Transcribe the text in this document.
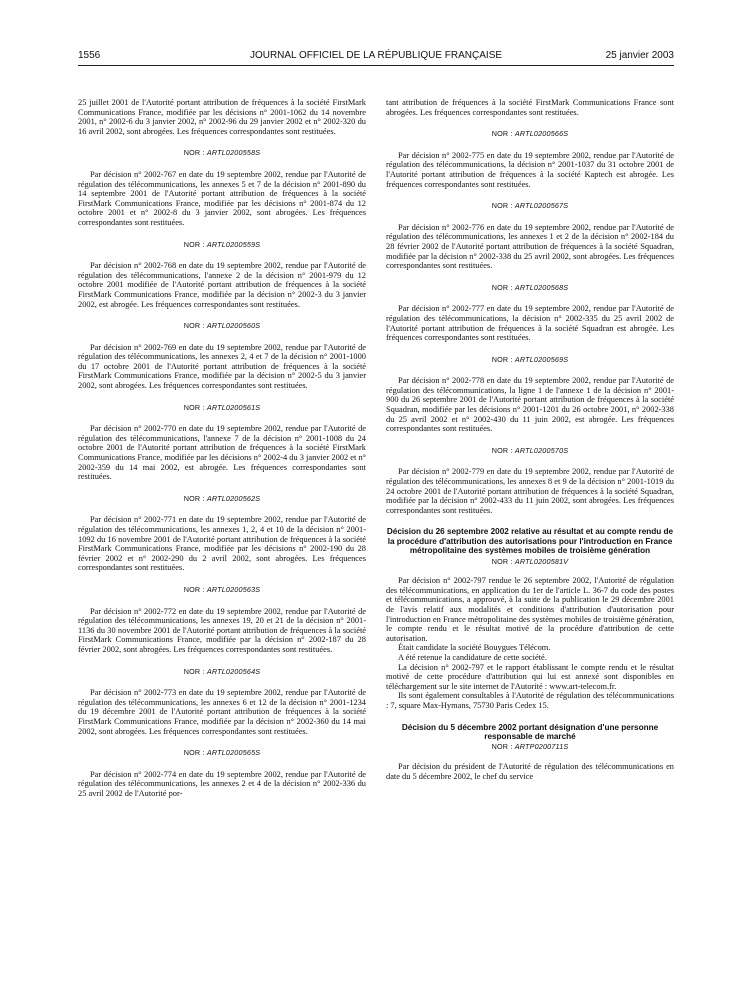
1556	JOURNAL OFFICIEL DE LA RÉPUBLIQUE FRANÇAISE	25 janvier 2003

25 juillet 2001 de l'Autorité portant attribution de fréquences à la société FirstMark Communications France, modifiée par les décisions n° 2001-1062 du 14 novembre 2001, n° 2002-6 du 3 janvier 2002, n° 2002-96 du 29 janvier 2002 et n° 2002-320 du 16 avril 2002, sont abrogées. Les fréquences correspondantes sont restituées.

NOR : ARTL0200558S

Par décision n° 2002-767 en date du 19 septembre 2002, rendue par l'Autorité de régulation des télécommunications, les annexes 5 et 7 de la décision n° 2001-890 du 14 septembre 2001 de l'Autorité portant attribution de fréquences à la société FirstMark Communications France, modifiée par les décisions n° 2001-874 du 12 octobre 2001 et n° 2002-8 du 3 janvier 2002, sont abrogées. Les fréquences correspondantes sont restituées.

NOR : ARTL0200559S

Par décision n° 2002-768 en date du 19 septembre 2002, rendue par l'Autorité de régulation des télécommunications, l'annexe 2 de la décision n° 2001-979 du 12 octobre 2001 modifiée de l'Autorité portant attribution de fréquences à la société FirstMark Communications France, modifiée par la décision n° 2002-3 du 3 janvier 2002, est abrogée. Les fréquences correspondantes sont restituées.

NOR : ARTL0200560S

Par décision n° 2002-769 en date du 19 septembre 2002, rendue par l'Autorité de régulation des télécommunications, les annexes 2, 4 et 7 de la décision n° 2001-1000 du 17 octobre 2001 de l'Autorité portant attribution de fréquences à la société FirstMark Communications France, modifiée par la décision n° 2002-5 du 3 janvier 2002, sont abrogées. Les fréquences correspondantes sont restituées.

NOR : ARTL0200561S

Par décision n° 2002-770 en date du 19 septembre 2002, rendue par l'Autorité de régulation des télécommunications, l'annexe 7 de la décision n° 2001-1008 du 24 octobre 2001 de l'Autorité portant attribution de fréquences à la société FirstMark Communications France, modifiée par les décisions n° 2002-4 du 3 janvier 2002 et n° 2002-359 du 14 mai 2002, est abrogée. Les fréquences correspondantes sont restituées.

NOR : ARTL0200562S

Par décision n° 2002-771 en date du 19 septembre 2002, rendue par l'Autorité de régulation des télécommunications, les annexes 1, 2, 4 et 10 de la décision n° 2001-1092 du 16 novembre 2001 de l'Autorité portant attribution de fréquences à la société FirstMark Communications France, modifiée par les décisions n° 2002-190 du 28 février 2002 et n° 2002-290 du 2 avril 2002, sont abrogées. Les fréquences correspondantes sont restituées.

NOR : ARTL0200563S

Par décision n° 2002-772 en date du 19 septembre 2002, rendue par l'Autorité de régulation des télécommunications, les annexes 19, 20 et 21 de la décision n° 2001-1136 du 30 novembre 2001 de l'Autorité portant attribution de fréquences à la société FirstMark Communications France, modifiée par la décision n° 2002-187 du 28 février 2002, sont abrogées. Les fréquences correspondantes sont restituées.

NOR : ARTL0200564S

Par décision n° 2002-773 en date du 19 septembre 2002, rendue par l'Autorité de régulation des télécommunications, les annexes 6 et 12 de la décision n° 2001-1234 du 19 décembre 2001 de l'Autorité portant attribution de fréquences à la société FirstMark Communications France, modifiée par la décision n° 2002-360 du 14 mai 2002, sont abrogées. Les fréquences correspondantes sont restituées.

NOR : ARTL0200565S

Par décision n° 2002-774 en date du 19 septembre 2002, rendue par l'Autorité de régulation des télécommunications, les annexes 2 et 4 de la décision n° 2002-336 du 25 avril 2002 de l'Autorité por-

tant attribution de fréquences à la société FirstMark Communications France sont abrogées. Les fréquences correspondantes sont restituées.

NOR : ARTL0200566S

Par décision n° 2002-775 en date du 19 septembre 2002, rendue par l'Autorité de régulation des télécommunications, la décision n° 2001-1037 du 31 octobre 2001 de l'Autorité portant attribution de fréquences à la société Kaptech est abrogée. Les fréquences correspondantes sont restituées.

NOR : ARTL0200567S

Par décision n° 2002-776 en date du 19 septembre 2002, rendue par l'Autorité de régulation des télécommunications, les annexes 1 et 2 de la décision n° 2002-184 du 28 février 2002 de l'Autorité portant attribution de fréquences à la société Squadran, modifiée par la décision n° 2002-338 du 25 avril 2002, sont abrogées. Les fréquences correspondantes sont restituées.

NOR : ARTL0200568S

Par décision n° 2002-777 en date du 19 septembre 2002, rendue par l'Autorité de régulation des télécommunications, la décision n° 2002-335 du 25 avril 2002 de l'Autorité portant attribution de fréquences à la société Squadran est abrogée. Les fréquences correspondantes sont restituées.

NOR : ARTL0200569S

Par décision n° 2002-778 en date du 19 septembre 2002, rendue par l'Autorité de régulation des télécommunications, la ligne 1 de l'annexe 1 de la décision n° 2001-900 du 26 septembre 2001 de l'Autorité portant attribution de fréquences à la société Squadran, modifiée par les décisions n° 2001-1201 du 26 octobre 2001, n° 2002-338 du 25 avril 2002 et n° 2002-430 du 11 juin 2002, est abrogée. Les fréquences correspondantes sont restituées.

NOR : ARTL0200570S

Par décision n° 2002-779 en date du 19 septembre 2002, rendue par l'Autorité de régulation des télécommunications, les annexes 8 et 9 de la décision n° 2001-1019 du 24 octobre 2001 de l'Autorité portant attribution de fréquences à la société Squadran, modifiée par la décision n° 2002-433 du 11 juin 2002, sont abrogées. Les fréquences correspondantes sont restituées.

Décision du 26 septembre 2002 relative au résultat et au compte rendu de la procédure d'attribution des autorisations pour l'introduction en France métropolitaine des systèmes mobiles de troisième génération
NOR : ARTL0200581V

Par décision n° 2002-797 rendue le 26 septembre 2002, l'Autorité de régulation des télécommunications, en application du 1er de l'article L. 36-7 du code des postes et télécommunications, a approuvé, à la suite de la publication le 29 décembre 2001 de l'avis relatif aux modalités et conditions d'attribution d'autorisation pour l'introduction en France métropolitaine des systèmes mobiles de troisième génération, le compte rendu et le résultat motivé de la procédure d'attribution de cette autorisation.

Était candidate la société Bouygues Télécom.

A été retenue la candidature de cette société.

La décision n° 2002-797 et le rapport établissant le compte rendu et le résultat motivé de cette procédure d'attribution qui lui est annexé sont disponibles en téléchargement sur le site internet de l'Autorité : www.art-telecom.fr.

Ils sont également consultables à l'Autorité de régulation des télécommunications : 7, square Max-Hymans, 75730 Paris Cedex 15.

Décision du 5 décembre 2002 portant désignation d'une personne responsable de marché
NOR : ARTP0200711S

Par décision du président de l'Autorité de régulation des télécommunications en date du 5 décembre 2002, le chef du service
